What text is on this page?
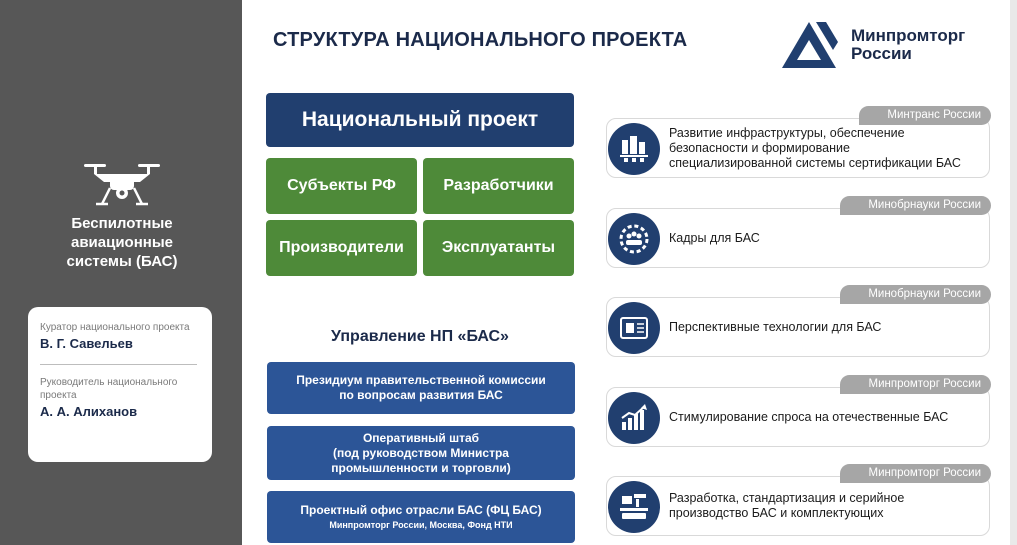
Беспилотные
авиационные
системы (БАС)
Куратор национального проекта
В. Г. Савельев
Руководитель национального проекта
А. А. Алиханов
СТРУКТУРА НАЦИОНАЛЬНОГО ПРОЕКТА	Минпромторг
России
Национальный проект
Субъекты РФ	Разработчики
Производители	Эксплуатанты
Управление НП «БАС»
Президиум правительственной комиссии
по вопросам развития БАС
Оперативный штаб
(под руководством Министра
промышленности и торговли)
Проектный офис отрасли БАС (ФЦ БАС)
Минпромторг России, Москва, Фонд НТИ
Минтранс России
Развитие инфраструктуры, обеспечение безопасности и формирование специализированной системы сертификации БАС
Минобрнауки России
Кадры для БАС
Минобрнауки России
Перспективные технологии для БАС
Минпромторг России
Стимулирование спроса на отечественные БАС
Минпромторг России
Разработка, стандартизация и серийное производство БАС и комплектующих
